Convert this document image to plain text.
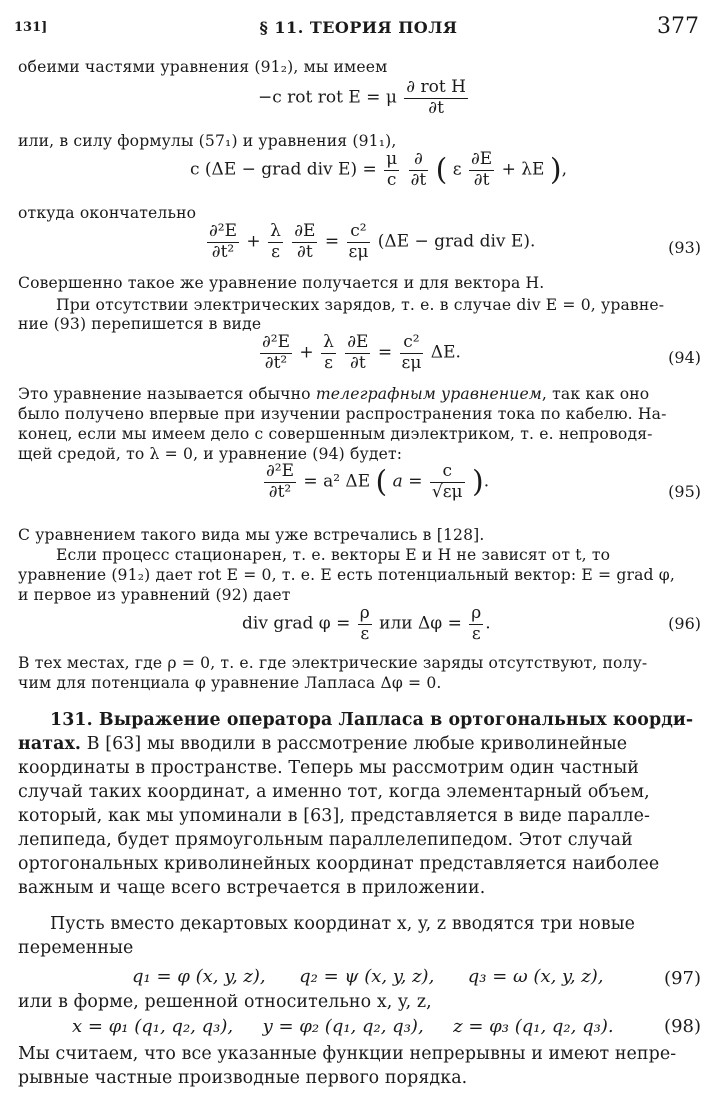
131]	§ 11. ТЕОРИЯ ПОЛЯ	377
обеими частями уравнения (91₂), мы имеем
−c rot rot E = μ $\frac{\text{∂ rot H}}{\partial t}$
или, в силу формулы (57₁) и уравнения (91₁),
c (ΔE − grad div $E) = \frac{\mu}{c}$
$\frac{\partial}{\partial t}$ ( ε $\frac{\partial E}{\partial t} + \lambda E$ ),
откуда окончательно
$\frac{\text{∂²E}}{\text{∂t²}} + \frac{\lambda}{\varepsilon}$
$\frac{\partial E}{\partial t} = \frac{\text{c²}}{\varepsilon\mu} (\Delta E$ − grad div E).	(93)
Совершенно такое же уравнение получается и для вектора H.
При отсутствии электрических зарядов, т. е. в случае div E = 0, уравне-
ние (93) перепишется в виде
$\frac{\text{∂²E}}{\text{∂t²}} + \frac{\lambda}{\varepsilon}$
$\frac{\partial E}{\partial t} = \frac{\text{c²}}{\varepsilon\mu} \Delta E$.	(94)
Это уравнение называется обычно телеграфным уравнением, так как оно
было получено впервые при изучении распространения тока по кабелю. На-
конец, если мы имеем дело с совершенным диэлектриком, т. е. непроводя-
щей средой, то λ = 0, и уравнение (94) будет:
$\frac{\text{∂²E}}{\text{∂t²}} = a^2$ ΔE ( $a = \frac{c}{√\varepsilon\mu}$ ).	(95)
С уравнением такого вида мы уже встречались в [128].
Если процесс стационарен, т. е. векторы E и H не зависят от t, то
уравнение (91₂) дает rot E = 0, т. е. E есть потенциальный вектор: E = grad φ,
и первое из уравнений (92) дает
div grad $\varphi = \frac{\rho}{\varepsilon}$ или $\Delta\varphi = \frac{\rho}{\varepsilon}$ .	(96)
В тех местах, где ρ = 0, т. е. где электрические заряды отсутствуют, полу-
чим для потенциала φ уравнение Лапласа Δφ = 0.
131. Выражение оператора Лапласа в ортогональных коорди-
натах. В [63] мы вводили в рассмотрение любые криволинейные
координаты в пространстве. Теперь мы рассмотрим один частный
случай таких координат, а именно тот, когда элементарный объем,
который, как мы упоминали в [63], представляется в виде паралле-
лепипеда, будет прямоугольным параллелепипедом. Этот случай
ортогональных криволинейных координат представляется наиболее
важным и чаще всего встречается в приложении.
Пусть вместо декартовых координат x, y, z вводятся три новые
переменные
q₁ = φ (x, y, z), q₂ = ψ (x, y, z), q₃ = ω (x, y, z),	(97)
или в форме, решенной относительно x, y, z,
x = φ₁ (q₁, q₂, q₃), y = φ₂ (q₁, q₂, q₃), z = φ₃ (q₁, q₂, q₃).	(98)
Мы считаем, что все указанные функции непрерывны и имеют непре-
рывные частные производные первого порядка.
